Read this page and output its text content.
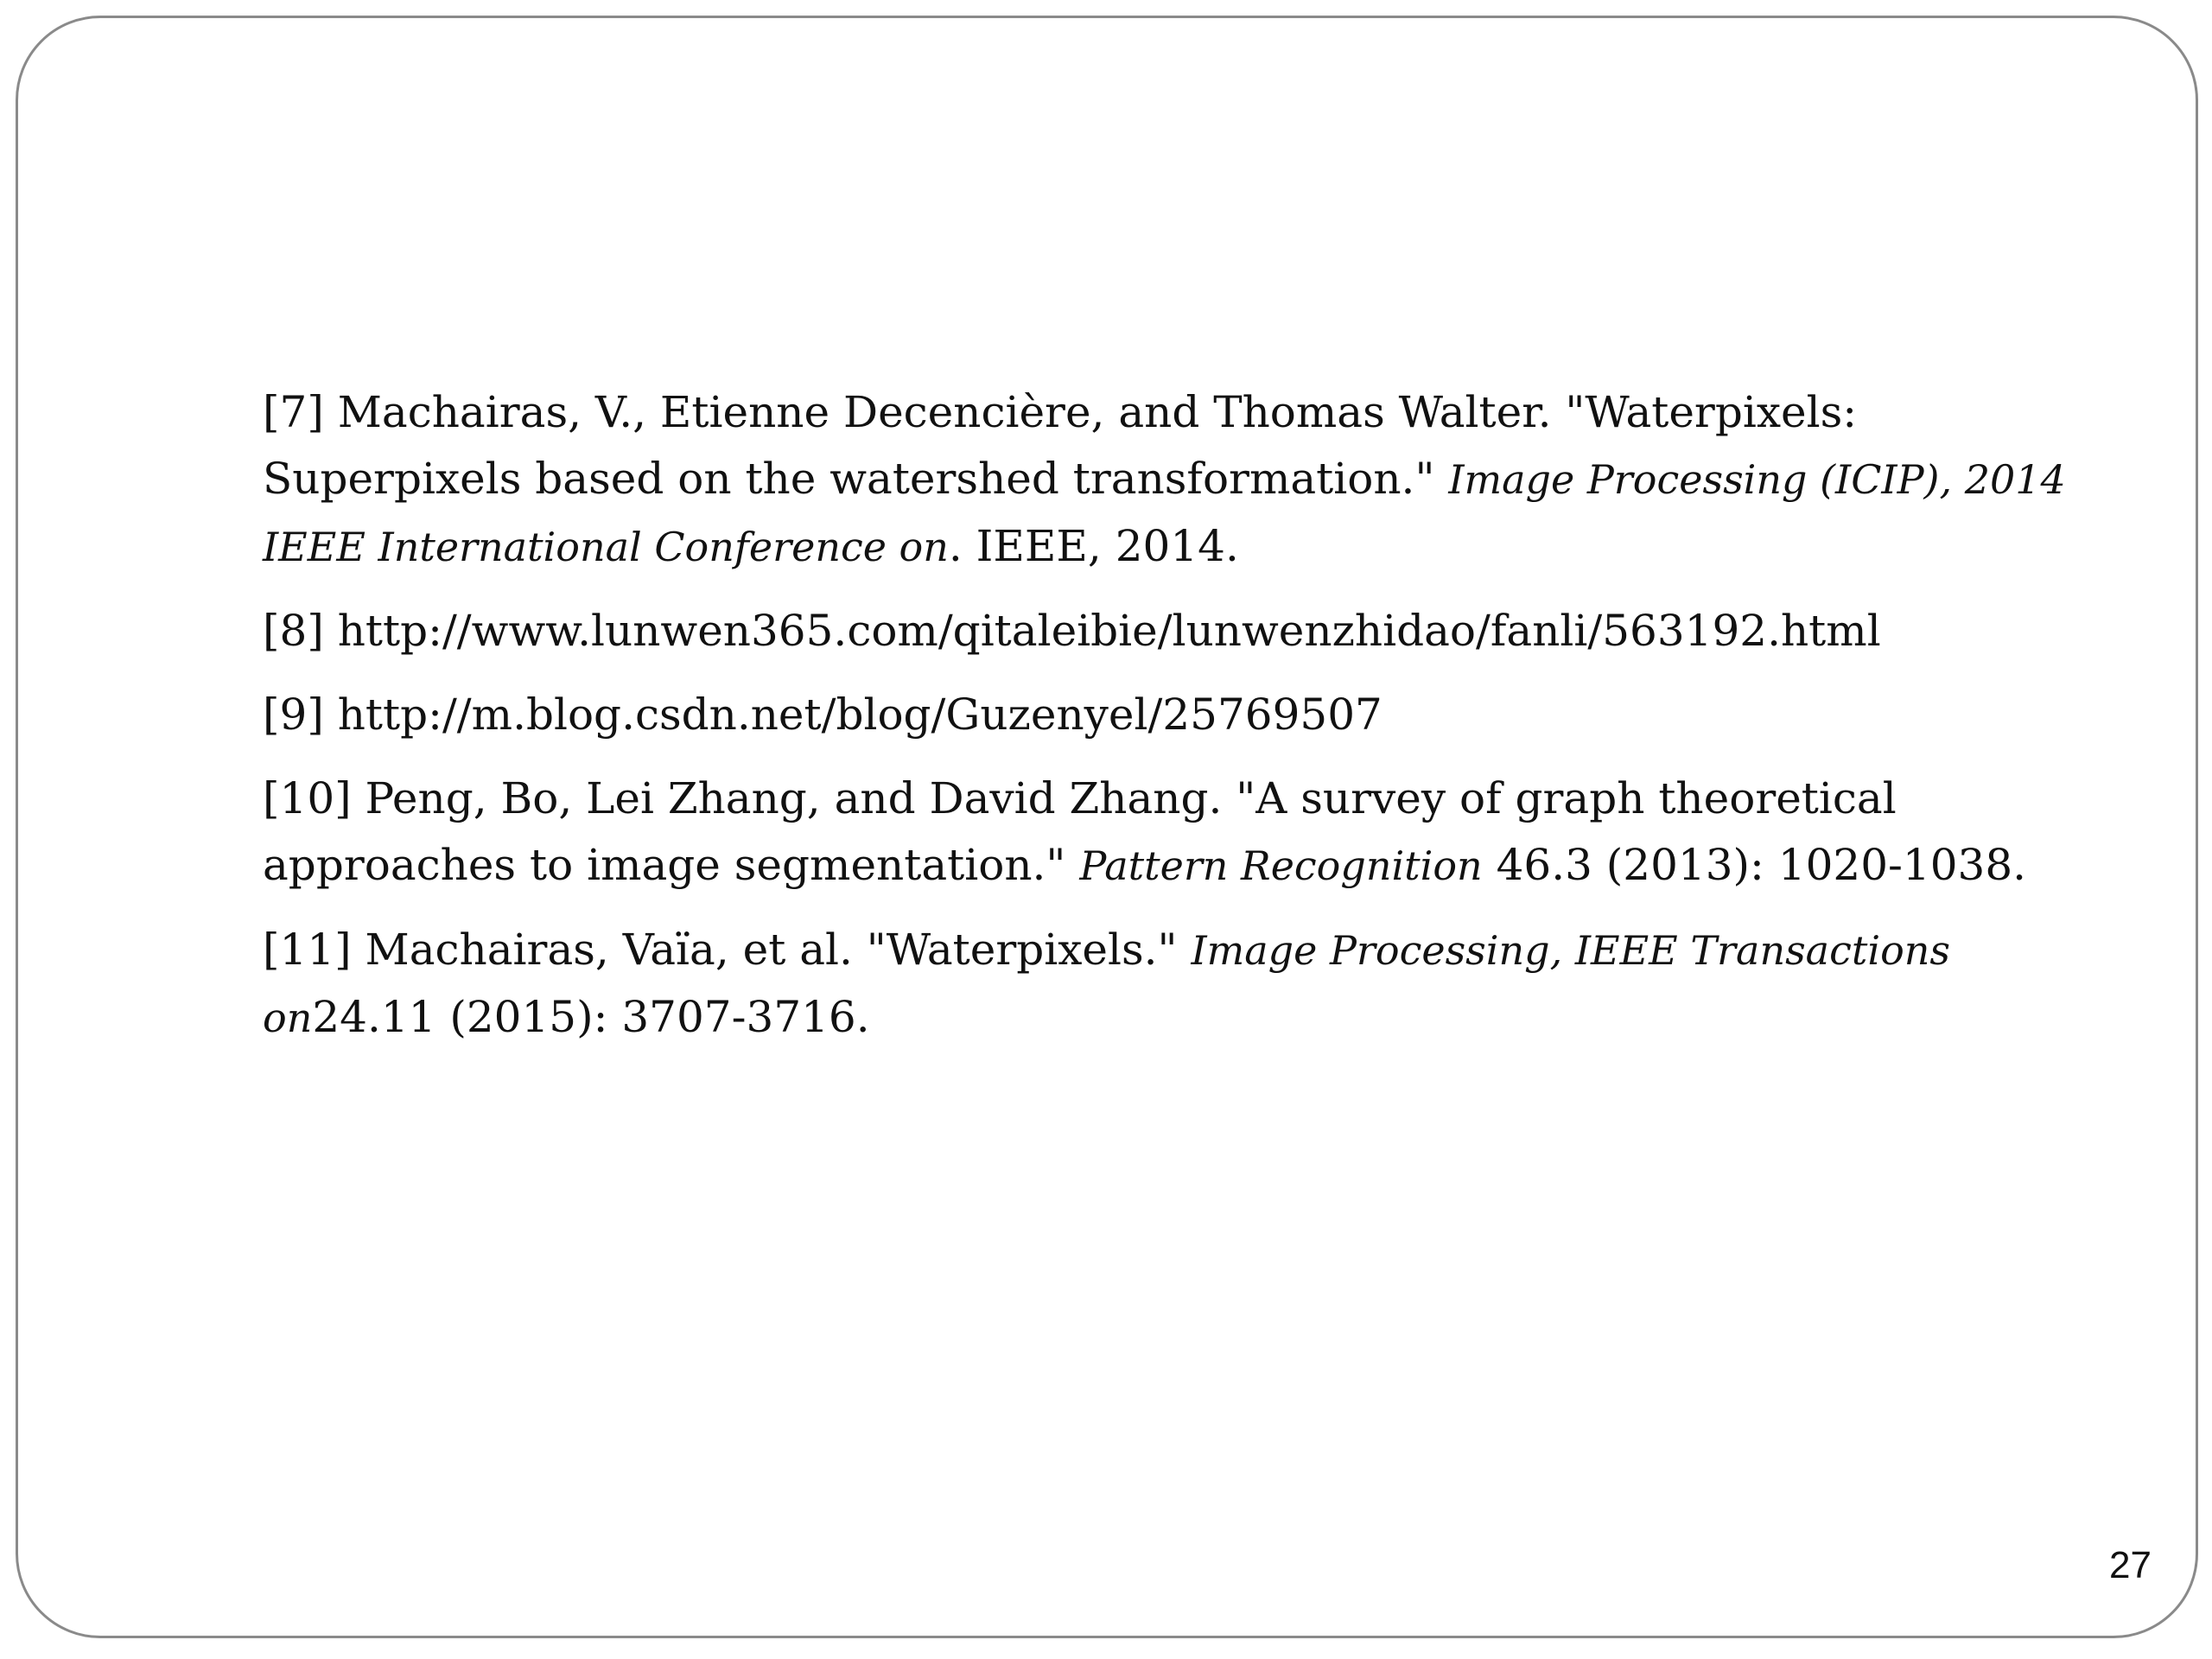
[7] Machairas, V., Etienne Decencière, and Thomas Walter. "Waterpixels: Superpixels based on the watershed transformation." Image Processing (ICIP), 2014 IEEE International Conference on. IEEE, 2014.

[8] http://www.lunwen365.com/qitaleibie/lunwenzhidao/fanli/563192.html

[9] http://m.blog.csdn.net/blog/Guzenyel/25769507

[10] Peng, Bo, Lei Zhang, and David Zhang. "A survey of graph theoretical approaches to image segmentation." Pattern Recognition 46.3 (2013): 1020-1038.

[11] Machairas, Vaïa, et al. "Waterpixels." Image Processing, IEEE Transactions on24.11 (2015): 3707-3716.

27
